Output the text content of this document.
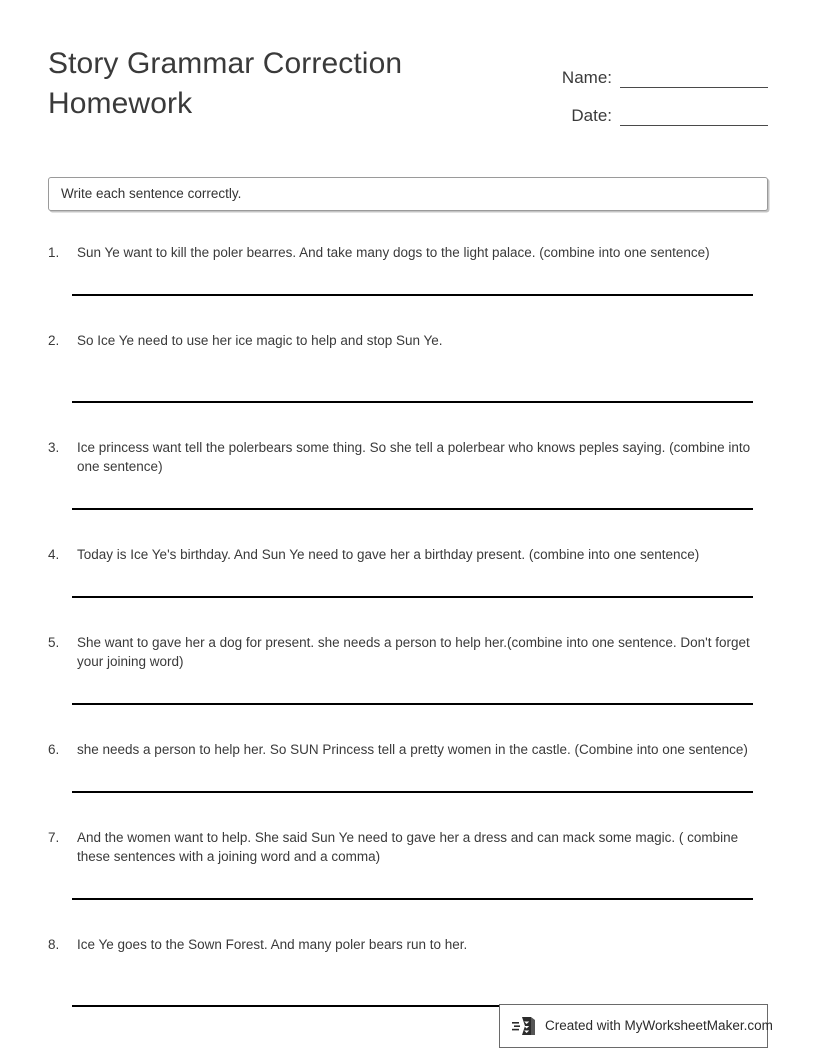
Story Grammar Correction Homework
Name:
Date:
Write each sentence correctly.
1.	Sun Ye want to kill the poler bearres. And take many dogs to the light palace. (combine into one sentence)
2.	So Ice Ye need to use her ice magic to help and stop Sun Ye.
3.	Ice princess want tell the polerbears some thing. So she tell a polerbear who knows peples saying. (combine into one sentence)
4.	Today is Ice Ye's birthday. And Sun Ye need to gave her a birthday present. (combine into one sentence)
5.	She want to gave her a dog for present. she needs a person to help her.(combine into one sentence. Don't forget your joining word)
6.	she needs a person to help her. So SUN Princess tell a pretty women in the castle. (Combine into one sentence)
7.	And the women want to help. She said Sun Ye need to gave her a dress and can mack some magic. ( combine these sentences with a joining word and a comma)
8.	Ice Ye goes to the Sown Forest. And many poler bears run to her.
Created with MyWorksheetMaker.com
